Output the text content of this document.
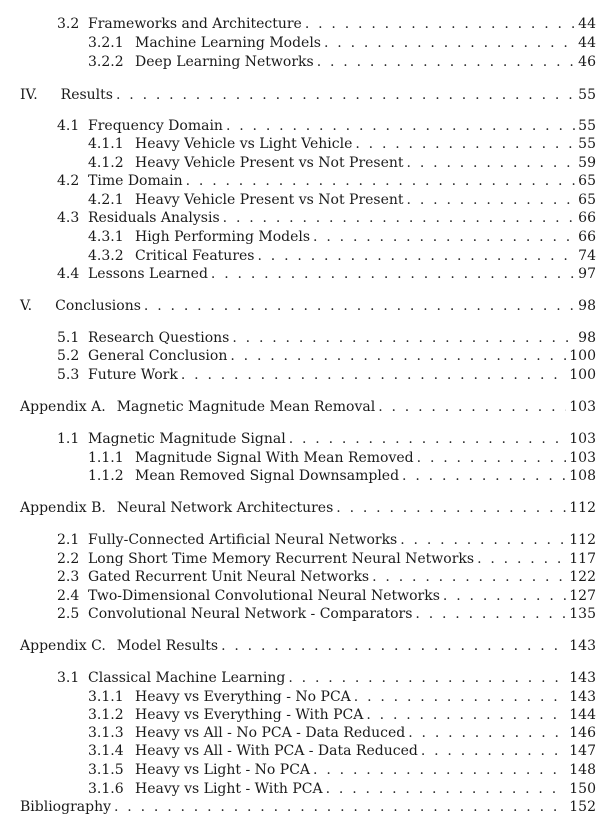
3.2 Frameworks and Architecture . . .	44
3.2.1 Machine Learning Models . . .	44
3.2.2 Deep Learning Networks . . .	46
IV. Results . . .	55
4.1 Frequency Domain . . .	55
4.1.1 Heavy Vehicle vs Light Vehicle . . .	55
4.1.2 Heavy Vehicle Present vs Not Present . . .	59
4.2 Time Domain . . .	65
4.2.1 Heavy Vehicle Present vs Not Present . . .	65
4.3 Residuals Analysis . . .	66
4.3.1 High Performing Models . . .	66
4.3.2 Critical Features . . .	74
4.4 Lessons Learned . . .	97
V. Conclusions . . .	98
5.1 Research Questions . . .	98
5.2 General Conclusion . . .	100
5.3 Future Work . . .	100
Appendix A. Magnetic Magnitude Mean Removal . . .	103
1.1 Magnetic Magnitude Signal . . .	103
1.1.1 Magnitude Signal With Mean Removed . . .	103
1.1.2 Mean Removed Signal Downsampled . . .	108
Appendix B. Neural Network Architectures . . .	112
2.1 Fully-Connected Artificial Neural Networks . . .	112
2.2 Long Short Time Memory Recurrent Neural Networks . . .	117
2.3 Gated Recurrent Unit Neural Networks . . .	122
2.4 Two-Dimensional Convolutional Neural Networks . . .	127
2.5 Convolutional Neural Network - Comparators . . .	135
Appendix C. Model Results . . .	143
3.1 Classical Machine Learning . . .	143
3.1.1 Heavy vs Everything - No PCA . . .	143
3.1.2 Heavy vs Everything - With PCA . . .	144
3.1.3 Heavy vs All - No PCA - Data Reduced . . .	146
3.1.4 Heavy vs All - With PCA - Data Reduced . . .	147
3.1.5 Heavy vs Light - No PCA . . .	148
3.1.6 Heavy vs Light - With PCA . . .	150
Bibliography . . .	152
